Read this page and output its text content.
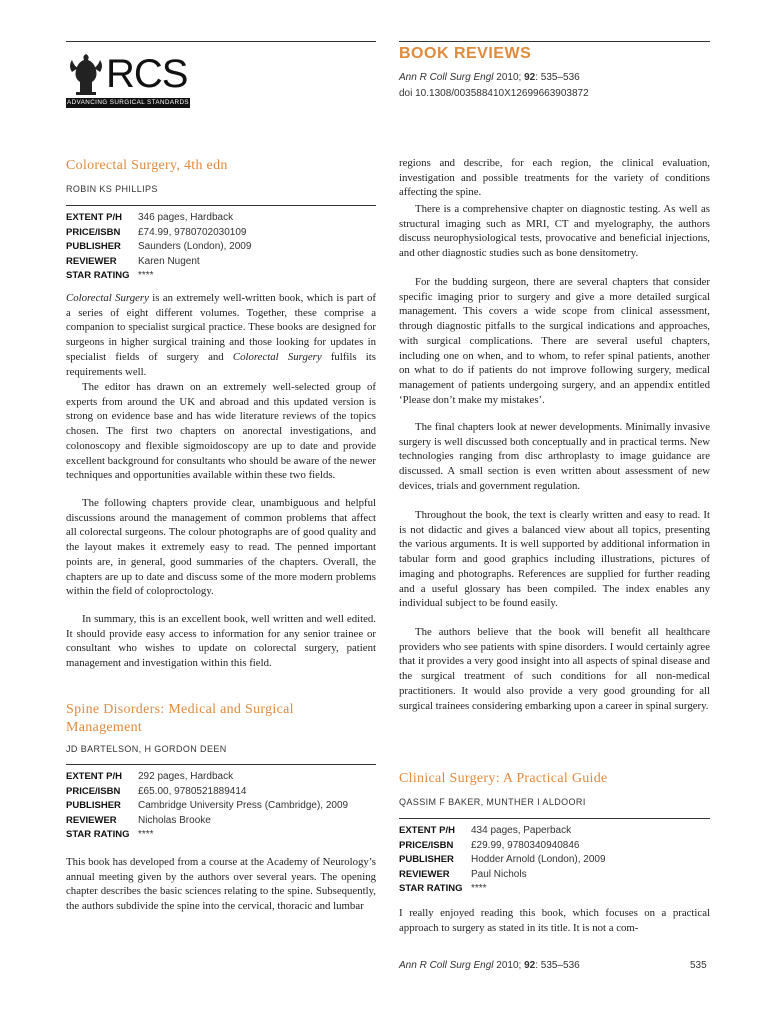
RCS
ADVANCING SURGICAL STANDARDS
BOOK REVIEWS
Ann R Coll Surg Engl 2010; 92: 535–536
doi 10.1308/003588410X12699663903872
Colorectal Surgery, 4th edn
ROBIN KS PHILLIPS
EXTENT P/H	346 pages, Hardback
PRICE/ISBN	£74.99, 9780702030109
PUBLISHER	Saunders (London), 2009
REVIEWER	Karen Nugent
STAR RATING ****

Colorectal Surgery is an extremely well-written book, which is part of a series of eight different volumes. Together, these comprise a companion to specialist surgical practice. These books are designed for surgeons in higher surgical training and those looking for updates in specialist fields of surgery and Colorectal Surgery fulfils its requirements well.

The editor has drawn on an extremely well-selected group of experts from around the UK and abroad and this updated version is strong on evidence base and has wide literature reviews of the topics chosen. The first two chapters on anorectal investigations, and colonoscopy and flexible sigmoidoscopy are up to date and provide excellent background for consultants who should be aware of the newer techniques and opportunities available within these two fields.

The following chapters provide clear, unambiguous and helpful discussions around the management of common problems that affect all colorectal surgeons. The colour photographs are of good quality and the layout makes it extremely easy to read. The penned important points are, in general, good summaries of the chapters. Overall, the chapters are up to date and discuss some of the more modern problems within the field of coloproctology.

In summary, this is an excellent book, well written and well edited. It should provide easy access to information for any senior trainee or consultant who wishes to update on colorectal surgery, patient management and investigation within this field.

Spine Disorders: Medical and Surgical
Management
JD BARTELSON, H GORDON DEEN
EXTENT P/H	292 pages, Hardback
PRICE/ISBN	£65.00, 9780521889414
PUBLISHER	Cambridge University Press (Cambridge), 2009
REVIEWER	Nicholas Brooke
STAR RATING ****

This book has developed from a course at the Academy of Neurology’s annual meeting given by the authors over several years. The opening chapter describes the basic sciences relating to the spine. Subsequently, the authors subdivide the spine into the cervical, thoracic and lumbar

regions and describe, for each region, the clinical evaluation, investigation and possible treatments for the variety of conditions affecting the spine.

There is a comprehensive chapter on diagnostic testing. As well as structural imaging such as MRI, CT and myelography, the authors discuss neurophysiological tests, provocative and beneficial injections, and other diagnostic studies such as bone densitometry.

For the budding surgeon, there are several chapters that consider specific imaging prior to surgery and give a more detailed surgical management. This covers a wide scope from clinical assessment, through diagnostic pitfalls to the surgical indications and approaches, with surgical complications. There are several useful chapters, including one on when, and to whom, to refer spinal patients, another on what to do if patients do not improve following surgery, medical management of patients undergoing surgery, and an appendix entitled ‘Please don’t make my mistakes’.

The final chapters look at newer developments. Minimally invasive surgery is well discussed both conceptually and in practical terms. New technologies ranging from disc arthroplasty to image guidance are discussed. A small section is even written about assessment of new devices, trials and government regulation.

Throughout the book, the text is clearly written and easy to read. It is not didactic and gives a balanced view about all topics, presenting the various arguments. It is well supported by additional information in tabular form and good graphics including illustrations, pictures of imaging and photographs. References are supplied for further reading and a useful glossary has been compiled. The index enables any individual subject to be found easily.

The authors believe that the book will benefit all healthcare providers who see patients with spine disorders. I would certainly agree that it provides a very good insight into all aspects of spinal disease and the surgical treatment of such conditions for all non-medical practitioners. It would also provide a very good grounding for all surgical trainees considering embarking upon a career in spinal surgery.

Clinical Surgery: A Practical Guide
QASSIM F BAKER, MUNTHER I ALDOORI
EXTENT P/H	434 pages, Paperback
PRICE/ISBN	£29.99, 9780340940846
PUBLISHER	Hodder Arnold (London), 2009
REVIEWER	Paul Nichols
STAR RATING ****

I really enjoyed reading this book, which focuses on a practical approach to surgery as stated in its title. It is not a com-

Ann R Coll Surg Engl 2010; 92: 535–536	535
